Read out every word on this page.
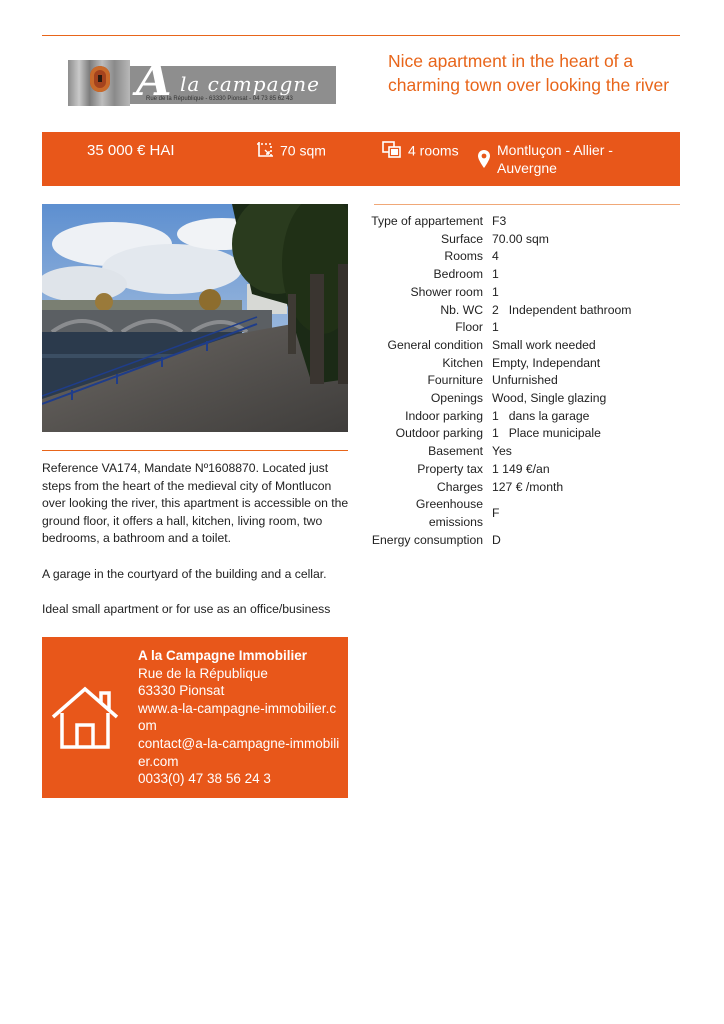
A la campagne
Rue de la République - 63330 Pionsat - 04 73 85 62 43
Nice apartment in the heart of a charming town over looking the river
35 000 € HAI	70 sqm	4 rooms	Montluçon - Allier - Auvergne

Reference VA174, Mandate Nº1608870. Located just steps from the heart of the medieval city of Montlucon over looking the river, this apartment is accessible on the ground floor, it offers a hall, kitchen, living room, two bedrooms, a bathroom and a toilet.

A garage in the courtyard of the building and a cellar.

Ideal small apartment or for use as an office/business

A la Campagne Immobilier
Rue de la République
63330 Pionsat
www.a-la-campagne-immobilier.com
contact@a-la-campagne-immobilier.com
0033(0) 47 38 56 24 3
Type of appartement	F3
Surface	70.00 sqm
Rooms	4
Bedroom	1
Shower room	1
Nb. WC	2 Independent bathroom
Floor	1
General condition	Small work needed
Kitchen	Empty, Independant
Fourniture	Unfurnished
Openings	Wood, Single glazing
Indoor parking	1 dans la garage
Outdoor parking	1 Place municipale
Basement	Yes
Property tax	1 149 €/an
Charges	127 € /month
Greenhouse emissions	F
Energy consumption	D
